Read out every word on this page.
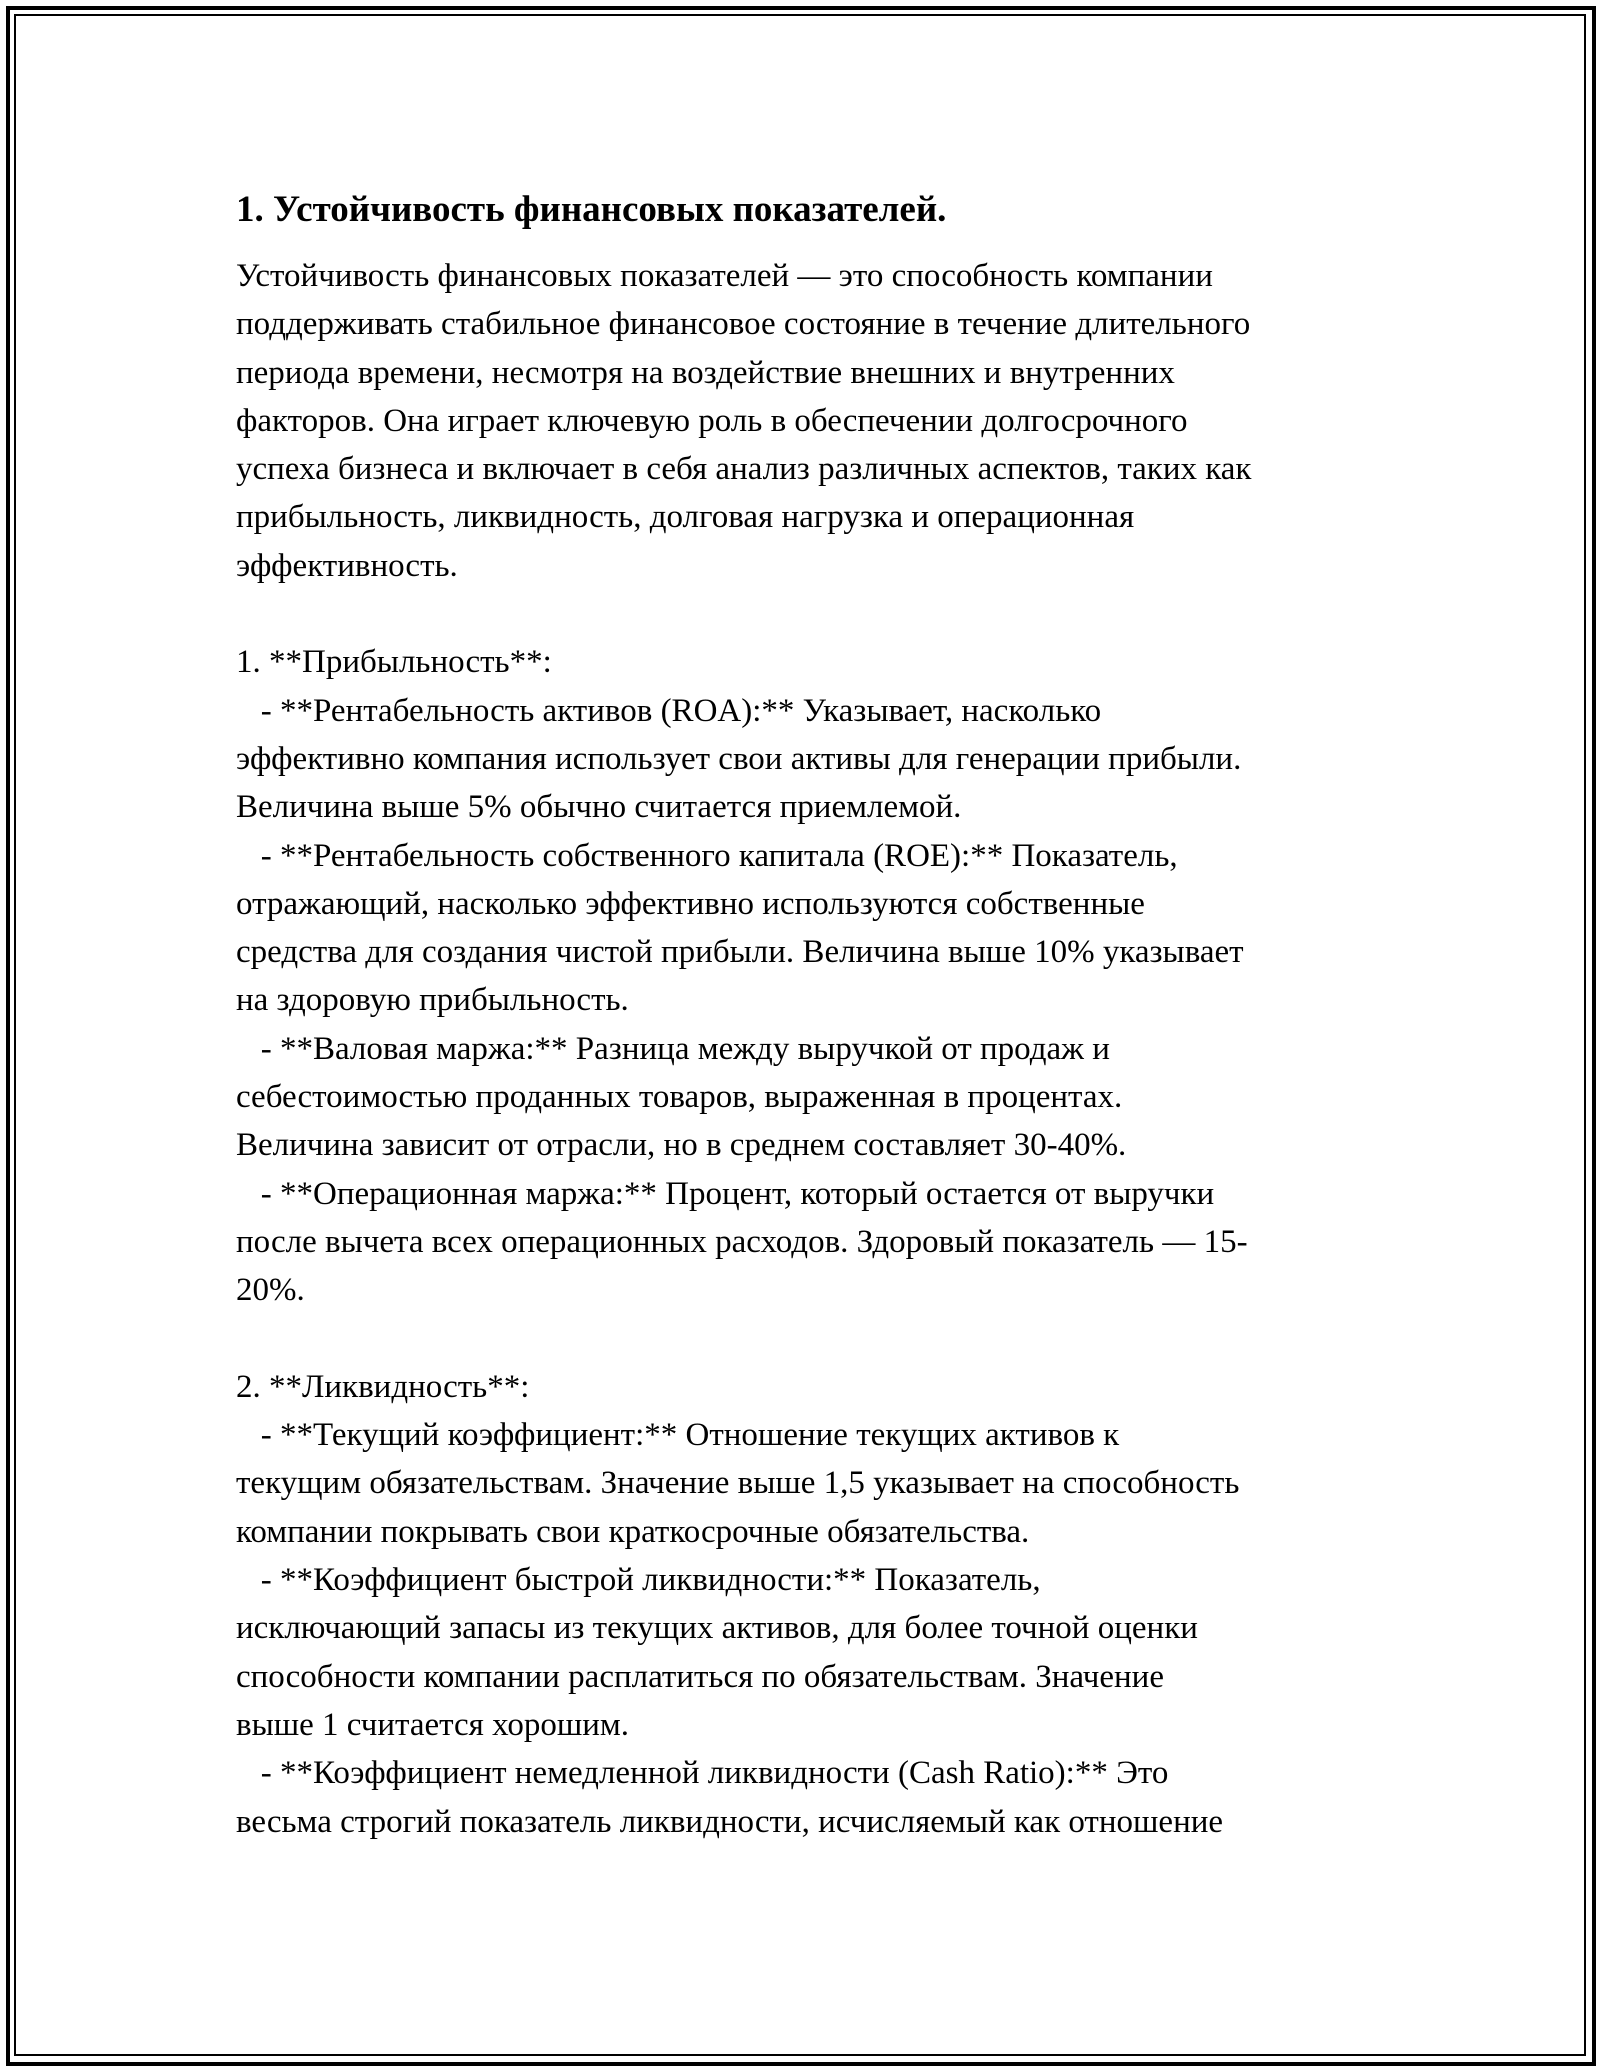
1. Устойчивость финансовых показателей.
Устойчивость финансовых показателей — это способность компании
поддерживать стабильное финансовое состояние в течение длительного
периода времени, несмотря на воздействие внешних и внутренних
факторов. Она играет ключевую роль в обеспечении долгосрочного
успеха бизнеса и включает в себя анализ различных аспектов, таких как
прибыльность, ликвидность, долговая нагрузка и операционная
эффективность.
1. **Прибыльность**:
- **Рентабельность активов (ROA):** Указывает, насколько
эффективно компания использует свои активы для генерации прибыли.
Величина выше 5% обычно считается приемлемой.
- **Рентабельность собственного капитала (ROE):** Показатель,
отражающий, насколько эффективно используются собственные
средства для создания чистой прибыли. Величина выше 10% указывает
на здоровую прибыльность.
- **Валовая маржа:** Разница между выручкой от продаж и
себестоимостью проданных товаров, выраженная в процентах.
Величина зависит от отрасли, но в среднем составляет 30-40%.
- **Операционная маржа:** Процент, который остается от выручки
после вычета всех операционных расходов. Здоровый показатель — 15-
20%.
2. **Ликвидность**:
- **Текущий коэффициент:** Отношение текущих активов к
текущим обязательствам. Значение выше 1,5 указывает на способность
компании покрывать свои краткосрочные обязательства.
- **Коэффициент быстрой ликвидности:** Показатель,
исключающий запасы из текущих активов, для более точной оценки
способности компании расплатиться по обязательствам. Значение
выше 1 считается хорошим.
- **Коэффициент немедленной ликвидности (Cash Ratio):** Это
весьма строгий показатель ликвидности, исчисляемый как отношение
